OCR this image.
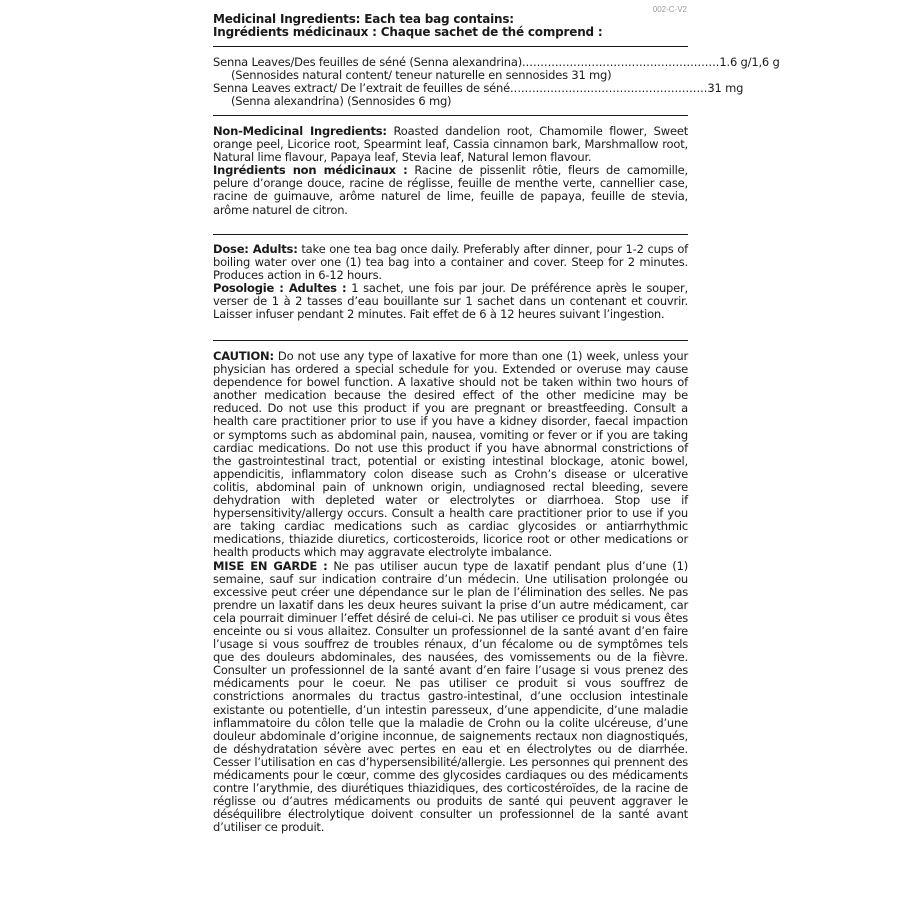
002-C-V2
Medicinal Ingredients: Each tea bag contains:
Ingrédients médicinaux : Chaque sachet de thé comprend :
Senna Leaves/Des feuilles de séné (Senna alexandrina) ...................................................... 1.6 g/1,6 g
(Sennosides natural content/ teneur naturelle en sennosides 31 mg)
Senna Leaves extract/ De l’extrait de feuilles de séné ...................................................... 31 mg
(Senna alexandrina) (Sennosides 6 mg)

Non-Medicinal Ingredients: Roasted dandelion root, Chamomile flower, Sweet orange peel, Licorice root, Spearmint leaf, Cassia cinnamon bark, Marshmallow root, Natural lime flavour, Papaya leaf, Stevia leaf, Natural lemon flavour.

Ingrédients non médicinaux : Racine de pissenlit rôtie, fleurs de camomille, pelure d’orange douce, racine de réglisse, feuille de menthe verte, cannellier case, racine de guimauve, arôme naturel de lime, feuille de papaya, feuille de stevia, arôme naturel de citron.

Dose: Adults: take one tea bag once daily. Preferably after dinner, pour 1-2 cups of boiling water over one (1) tea bag into a container and cover. Steep for 2 minutes. Produces action in 6-12 hours.

Posologie : Adultes : 1 sachet, une fois par jour. De préférence après le souper, verser de 1 à 2 tasses d’eau bouillante sur 1 sachet dans un contenant et couvrir. Laisser infuser pendant 2 minutes. Fait effet de 6 à 12 heures suivant l’ingestion.

CAUTION: Do not use any type of laxative for more than one (1) week, unless your physician has ordered a special schedule for you. Extended or overuse may cause dependence for bowel function. A laxative should not be taken within two hours of another medication because the desired effect of the other medicine may be reduced. Do not use this product if you are pregnant or breastfeeding. Consult a health care practitioner prior to use if you have a kidney disorder, faecal impaction or symptoms such as abdominal pain, nausea, vomiting or fever or if you are taking cardiac medications. Do not use this product if you have abnormal constrictions of the gastrointestinal tract, potential or existing intestinal blockage, atonic bowel, appendicitis, inflammatory colon disease such as Crohn’s disease or ulcerative colitis, abdominal pain of unknown origin, undiagnosed rectal bleeding, severe dehydration with depleted water or electrolytes or diarrhoea. Stop use if hypersensitivity/allergy occurs. Consult a health care practitioner prior to use if you are taking cardiac medications such as cardiac glycosides or antiarrhythmic medications, thiazide diuretics, corticosteroids, licorice root or other medications or health products which may aggravate electrolyte imbalance.

MISE EN GARDE : Ne pas utiliser aucun type de laxatif pendant plus d’une (1) semaine, sauf sur indication contraire d’un médecin. Une utilisation prolongée ou excessive peut créer une dépendance sur le plan de l’élimination des selles. Ne pas prendre un laxatif dans les deux heures suivant la prise d’un autre médicament, car cela pourrait diminuer l’effet désiré de celui-ci. Ne pas utiliser ce produit si vous êtes enceinte ou si vous allaitez. Consulter un professionnel de la santé avant d’en faire l’usage si vous souffrez de troubles rénaux, d’un fécalome ou de symptômes tels que des douleurs abdominales, des nausées, des vomissements ou de la fièvre. Consulter un professionnel de la santé avant d’en faire l’usage si vous prenez des médicaments pour le coeur. Ne pas utiliser ce produit si vous souffrez de constrictions anormales du tractus gastro-intestinal, d’une occlusion intestinale existante ou potentielle, d’un intestin paresseux, d’une appendicite, d’une maladie inflammatoire du côlon telle que la maladie de Crohn ou la colite ulcéreuse, d’une douleur abdominale d’origine inconnue, de saignements rectaux non diagnostiqués, de déshydratation sévère avec pertes en eau et en électrolytes ou de diarrhée. Cesser l’utilisation en cas d’hypersensibilité/allergie. Les personnes qui prennent des médicaments pour le cœur, comme des glycosides cardiaques ou des médicaments contre l’arythmie, des diurétiques thiazidiques, des corticostéroïdes, de la racine de réglisse ou d’autres médicaments ou produits de santé qui peuvent aggraver le déséquilibre électrolytique doivent consulter un professionnel de la santé avant d’utiliser ce produit.
